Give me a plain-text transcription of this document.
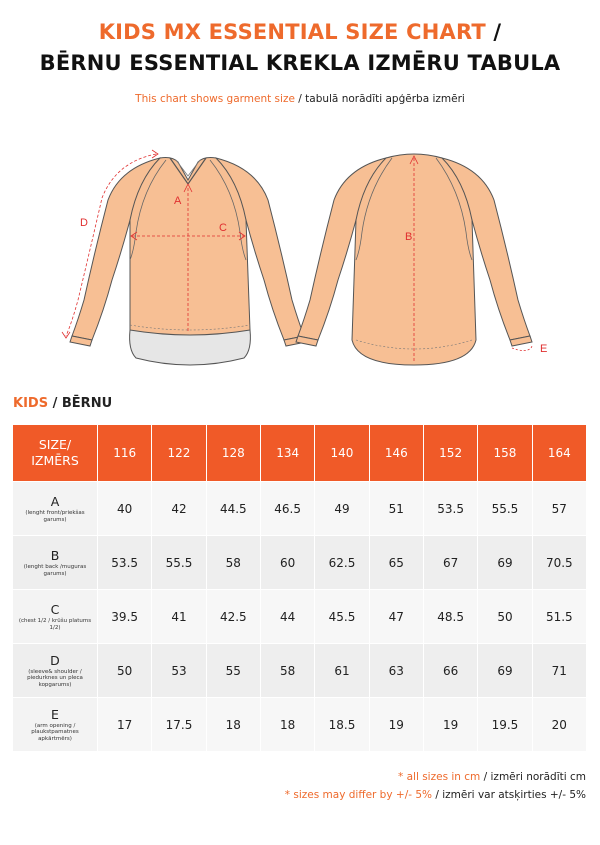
KIDS MX ESSENTIAL SIZE CHART /
BĒRNU ESSENTIAL KREKLA IZMĒRU TABULA
This chart shows garment size / tabulā norādīti apģērba izmēri
A
C
D
B
E
KIDS / BĒRNU
SIZE/
IZMĒRS	116	122	128	134	140	146	152	158	164

A
(lenght front/priekšas garums)	40	42	44.5	46.5	49	51	53.5	55.5	57

B
(lenght back /muguras garums)	53.5	55.5	58	60	62.5	65	67	69	70.5

C
(chest 1/2 / krūšu platums 1/2)	39.5	41	42.5	44	45.5	47	48.5	50	51.5

D
(sleeve& shoulder / piedurknes un pleca kopgarums)	50	53	55	58	61	63	66	69	71

E
(arm opening / plaukstpamatnes apkārtmērs)	17	17.5	18	18	18.5	19	19	19.5	20
* all sizes in cm / izmēri norādīti cm
* sizes may differ by +/- 5% / izmēri var atsķirties +/- 5%
